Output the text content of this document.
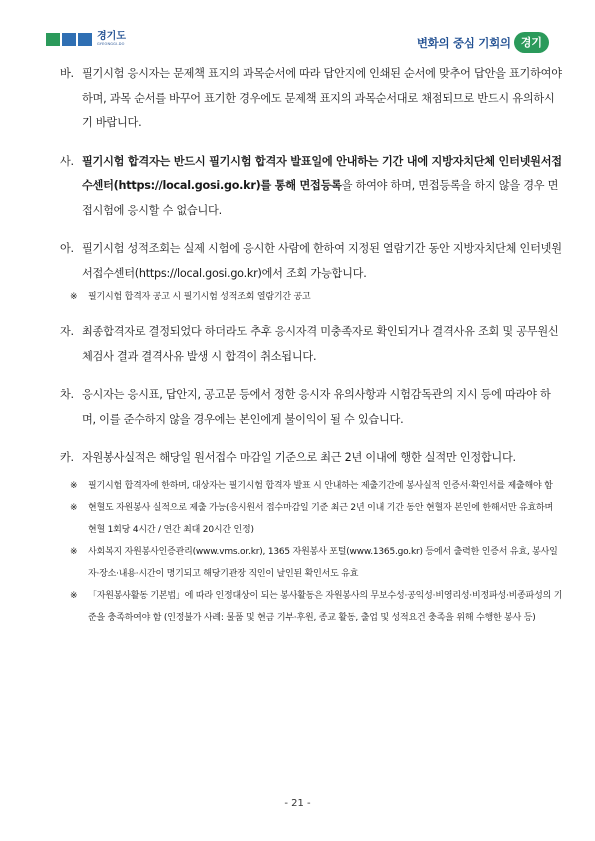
경기도
GYEONGGI-DO	변화의 중심 기회의 경기
바. 필기시험 응시자는 문제책 표지의 과목순서에 따라 답안지에 인쇄된 순서에 맞추어 답안을 표기하여야 하며, 과목 순서를 바꾸어 표기한 경우에도 문제책 표지의 과목순서대로 채점되므로 반드시 유의하시기 바랍니다.
사. 필기시험 합격자는 반드시 필기시험 합격자 발표일에 안내하는 기간 내에 지방자치단체 인터넷원서접수센터(https://local.gosi.go.kr)를 통해 면접등록을 하여야 하며, 면접등록을 하지 않을 경우 면접시험에 응시할 수 없습니다.
아. 필기시험 성적조회는 실제 시험에 응시한 사람에 한하여 지정된 열람기간 동안 지방자치단체 인터넷원서접수센터(https://local.gosi.go.kr)에서 조회 가능합니다.
※ 필기시험 합격자 공고 시 필기시험 성적조회 열람기간 공고
자. 최종합격자로 결정되었다 하더라도 추후 응시자격 미충족자로 확인되거나 결격사유 조회 및 공무원신체검사 결과 결격사유 발생 시 합격이 취소됩니다.
차. 응시자는 응시표, 답안지, 공고문 등에서 정한 응시자 유의사항과 시험감독관의 지시 등에 따라야 하며, 이를 준수하지 않을 경우에는 본인에게 불이익이 될 수 있습니다.
카. 자원봉사실적은 해당일 원서접수 마감일 기준으로 최근 2년 이내에 행한 실적만 인정합니다.
※ 필기시험 합격자에 한하며, 대상자는 필기시험 합격자 발표 시 안내하는 제출기간에 봉사실적 인증서·확인서를 제출해야 함
※ 현혈도 자원봉사 실적으로 제출 가능(응시원서 접수마감일 기준 최근 2년 이내 기간 동안 현혈자 본인에 한해서만 유효하며 현혈 1회당 4시간 / 연간 최대 20시간 인정)
※ 사회복지 자원봉사인증관리(www.vms.or.kr), 1365 자원봉사 포털(www.1365.go.kr) 등에서 출력한 인증서 유효, 봉사일자·장소·내용·시간이 명기되고 해당기관장 직인이 날인된 확인서도 유효
※ 「자원봉사활동 기본법」에 따라 인정대상이 되는 봉사활동은 자원봉사의 무보수성·공익성·비영리성·비정파성·비종파성의 기준을 충족하여야 함 (인정불가 사례: 물품 및 현금 기부·후원, 종교 활동, 출업 및 성적요건 충족을 위해 수행한 봉사 등)
- 21 -
